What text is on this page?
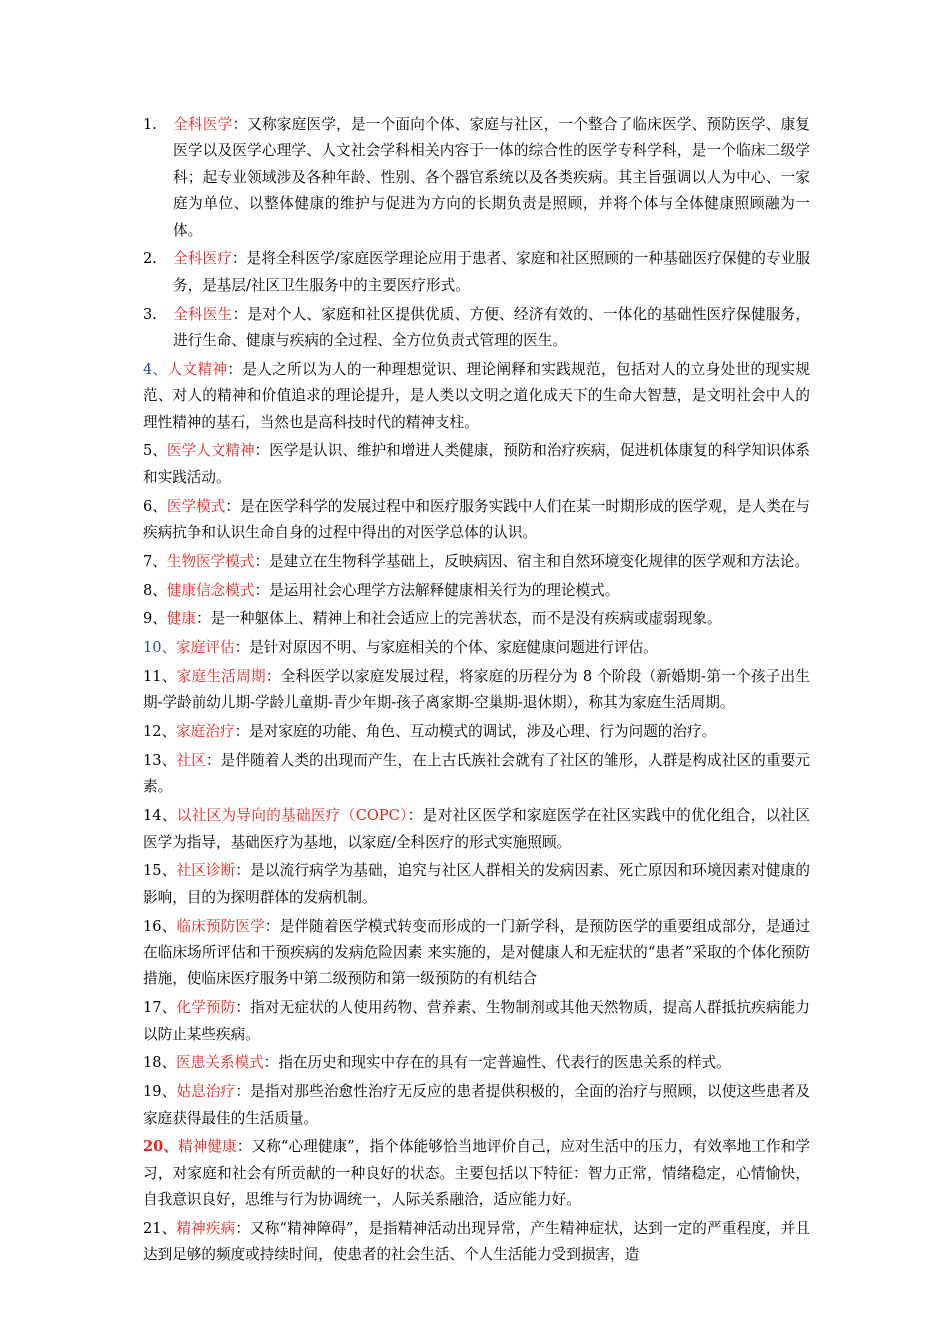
1. 全科医学：又称家庭医学，是一个面向个体、家庭与社区，一个整合了临床医学、预防医学、康复医学以及医学心理学、人文社会学科相关内容于一体的综合性的医学专科学科，是一个临床二级学科；起专业领域涉及各种年龄、性别、各个器官系统以及各类疾病。其主旨强调以人为中心、一家庭为单位、以整体健康的维护与促进为方向的长期负责是照顾，并将个体与全体健康照顾融为一体。

2. 全科医疗：是将全科医学/家庭医学理论应用于患者、家庭和社区照顾的一种基础医疗保健的专业服务，是基层/社区卫生服务中的主要医疗形式。

3. 全科医生：是对个人、家庭和社区提供优质、方便、经济有效的、一体化的基础性医疗保健服务，进行生命、健康与疾病的全过程、全方位负责式管理的医生。

4、人文精神：是人之所以为人的一种理想觉识、理论阐释和实践规范，包括对人的立身处世的现实规范、对人的精神和价值追求的理论提升，是人类以文明之道化成天下的生命大智慧，是文明社会中人的理性精神的基石，当然也是高科技时代的精神支柱。

5、医学人文精神：医学是认识、维护和增进人类健康，预防和治疗疾病，促进机体康复的科学知识体系和实践活动。

6、医学模式：是在医学科学的发展过程中和医疗服务实践中人们在某一时期形成的医学观，是人类在与疾病抗争和认识生命自身的过程中得出的对医学总体的认识。

7、生物医学模式：是建立在生物科学基础上，反映病因、宿主和自然环境变化规律的医学观和方法论。

8、健康信念模式：是运用社会心理学方法解释健康相关行为的理论模式。

9、健康：是一种躯体上、精神上和社会适应上的完善状态，而不是没有疾病或虚弱现象。

10、家庭评估：是针对原因不明、与家庭相关的个体、家庭健康问题进行评估。

11、家庭生活周期：全科医学以家庭发展过程，将家庭的历程分为 8 个阶段（新婚期-第一个孩子出生期-学龄前幼儿期-学龄儿童期-青少年期-孩子离家期-空巢期-退休期），称其为家庭生活周期。

12、家庭治疗：是对家庭的功能、角色、互动模式的调试，涉及心理、行为问题的治疗。

13、社区：是伴随着人类的出现而产生，在上古氏族社会就有了社区的雏形，人群是构成社区的重要元素。

14、以社区为导向的基础医疗（COPC）：是对社区医学和家庭医学在社区实践中的优化组合，以社区医学为指导，基础医疗为基地，以家庭/全科医疗的形式实施照顾。

15、社区诊断：是以流行病学为基础，追究与社区人群相关的发病因素、死亡原因和环境因素对健康的影响，目的为探明群体的发病机制。

16、临床预防医学：是伴随着医学模式转变而形成的一门新学科，是预防医学的重要组成部分，是通过在临床场所评估和干预疾病的发病危险因素 来实施的，是对健康人和无症状的“患者”采取的个体化预防措施，使临床医疗服务中第二级预防和第一级预防的有机结合

17、化学预防：指对无症状的人使用药物、营养素、生物制剂或其他天然物质，提高人群抵抗疾病能力以防止某些疾病。

18、医患关系模式：指在历史和现实中存在的具有一定普遍性、代表行的医患关系的样式。

19、姑息治疗：是指对那些治愈性治疗无反应的患者提供积极的，全面的治疗与照顾，以使这些患者及家庭获得最佳的生活质量。

20、精神健康：又称“心理健康”，指个体能够恰当地评价自己，应对生活中的压力，有效率地工作和学习，对家庭和社会有所贡献的一种良好的状态。主要包括以下特征：智力正常，情绪稳定，心情愉快，自我意识良好，思维与行为协调统一，人际关系融洽，适应能力好。

21、精神疾病：又称“精神障碍”，是指精神活动出现异常，产生精神症状，达到一定的严重程度，并且达到足够的频度或持续时间，使患者的社会生活、个人生活能力受到损害，造
